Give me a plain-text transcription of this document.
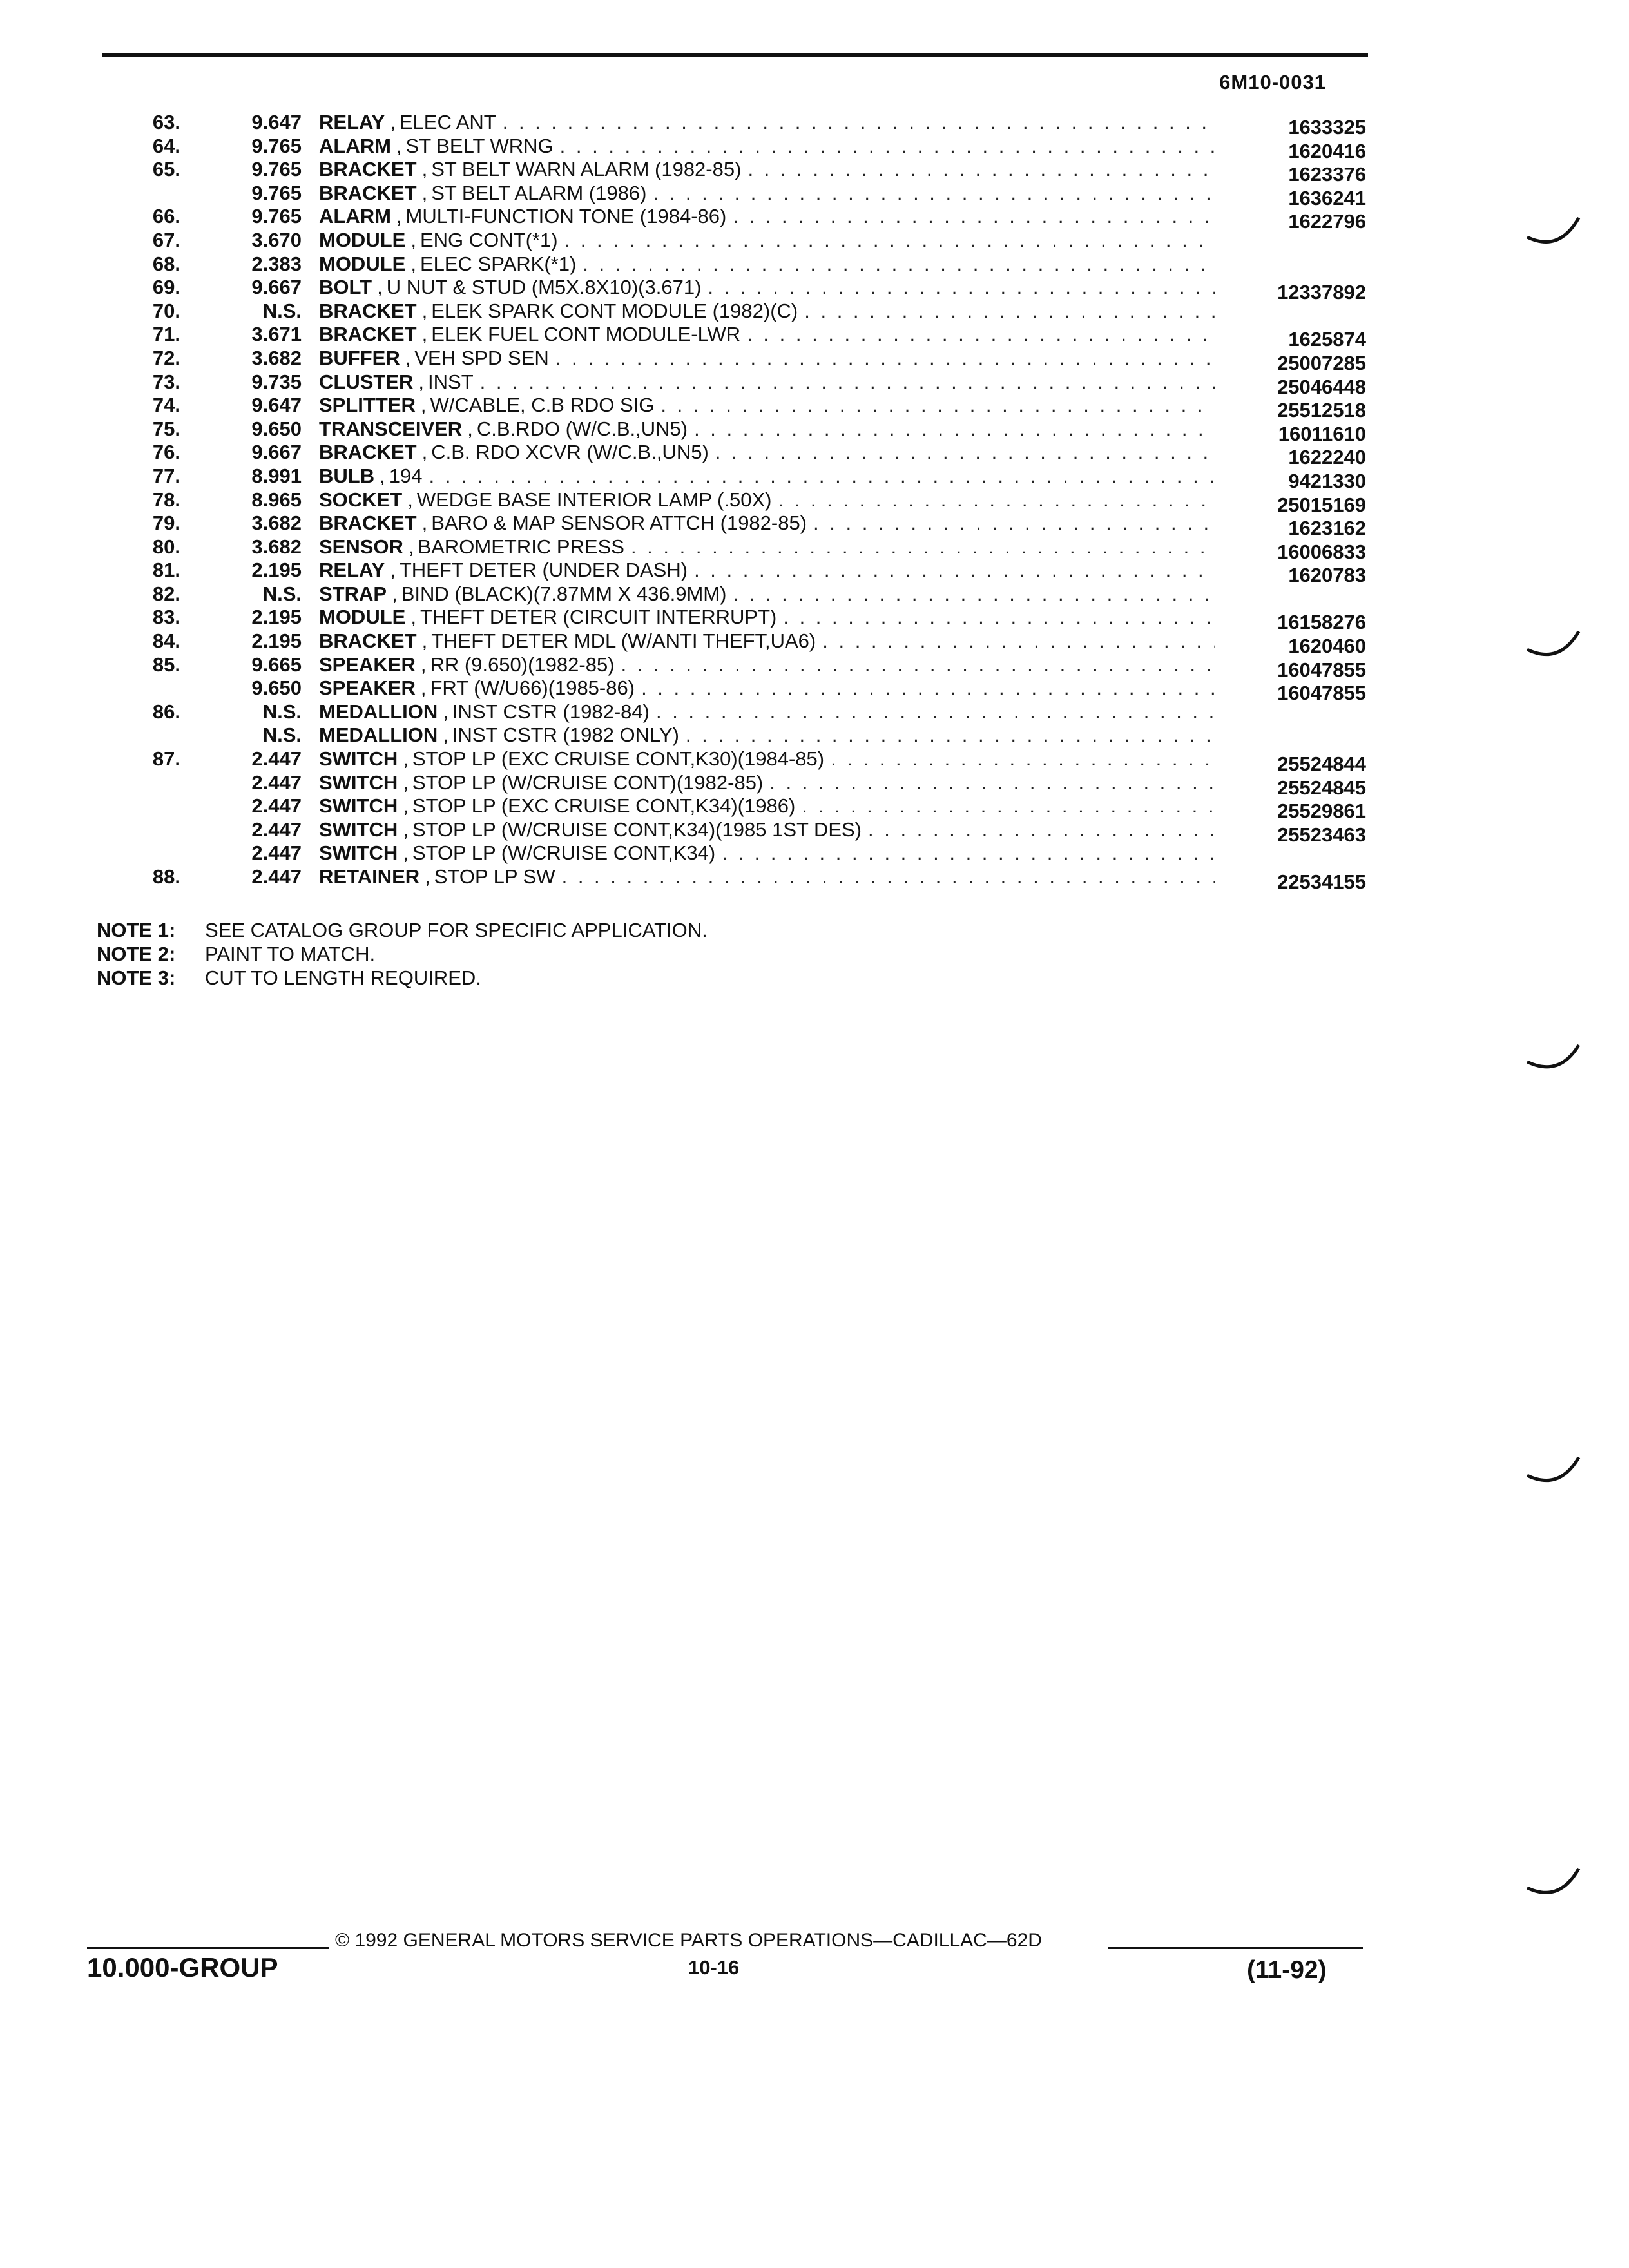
6M10-0031
63.	9.647 RELAY , ELEC ANT . . .	1633325
64.	9.765 ALARM , ST BELT WRNG . . .	1620416
65.	9.765 BRACKET , ST BELT WARN ALARM (1982-85) . . .	1623376
9.765 BRACKET , ST BELT ALARM (1986) . . .	1636241
66.	9.765 ALARM , MULTI-FUNCTION TONE (1984-86) . . .	1622796
67.	3.670 MODULE , ENG CONT(*1)
. . .
68.	2.383 MODULE , ELEC SPARK(*1)
. . .
69.	9.667 BOLT , U NUT & STUD (M5X.8X10)(3.671) . . .	12337892
70.	N.S. BRACKET , ELEK SPARK CONT MODULE (1982)(C)
. . .
71.	3.671 BRACKET , ELEK FUEL CONT MODULE-LWR . . .	1625874
72.	3.682 BUFFER , VEH SPD SEN . . .	25007285
73.	9.735 CLUSTER , INST . . .	25046448
74.	9.647 SPLITTER , W/CABLE, C.B RDO SIG . . .	25512518
75.	9.650 TRANSCEIVER , C.B.RDO (W/C.B.,UN5) . . .	16011610
76.	9.667 BRACKET , C.B. RDO XCVR (W/C.B.,UN5) . . .	1622240
77.	8.991 BULB , 194 . . .	9421330
78.	8.965 SOCKET , WEDGE BASE INTERIOR LAMP (.50X) . . .	25015169
79.	3.682 BRACKET , BARO & MAP SENSOR ATTCH (1982-85) . . .	1623162
80.	3.682 SENSOR , BAROMETRIC PRESS . . .	16006833
81.	2.195 RELAY , THEFT DETER (UNDER DASH) . . .	1620783
82.	N.S. STRAP , BIND (BLACK)(7.87MM X 436.9MM)
. . .
83.	2.195 MODULE , THEFT DETER (CIRCUIT INTERRUPT) . . .	16158276
84.	2.195 BRACKET , THEFT DETER MDL (W/ANTI THEFT,UA6) . . .	1620460
85.	9.665 SPEAKER , RR (9.650)(1982-85) . . .	16047855
9.650 SPEAKER , FRT (W/U66)(1985-86) . . .	16047855
86.	N.S. MEDALLION , INST CSTR (1982-84)
. . .
N.S. MEDALLION , INST CSTR (1982 ONLY)
. . .
87.	2.447 SWITCH , STOP LP (EXC CRUISE CONT,K30)(1984-85) . . .	25524844
2.447 SWITCH , STOP LP (W/CRUISE CONT)(1982-85) . . .	25524845
2.447 SWITCH , STOP LP (EXC CRUISE CONT,K34)(1986) . . .	25529861
2.447 SWITCH , STOP LP (W/CRUISE CONT,K34)(1985 1ST DES) . . .	25523463
2.447 SWITCH , STOP LP (W/CRUISE CONT,K34)
. . .
88.	2.447 RETAINER , STOP LP SW . . .	22534155
NOTE 1:	SEE CATALOG GROUP FOR SPECIFIC APPLICATION.
NOTE 2:	PAINT TO MATCH.
NOTE 3:	CUT TO LENGTH REQUIRED.
© 1992 GENERAL MOTORS SERVICE PARTS OPERATIONS—CADILLAC—62D
10.000-GROUP	10-16	(11-92)
